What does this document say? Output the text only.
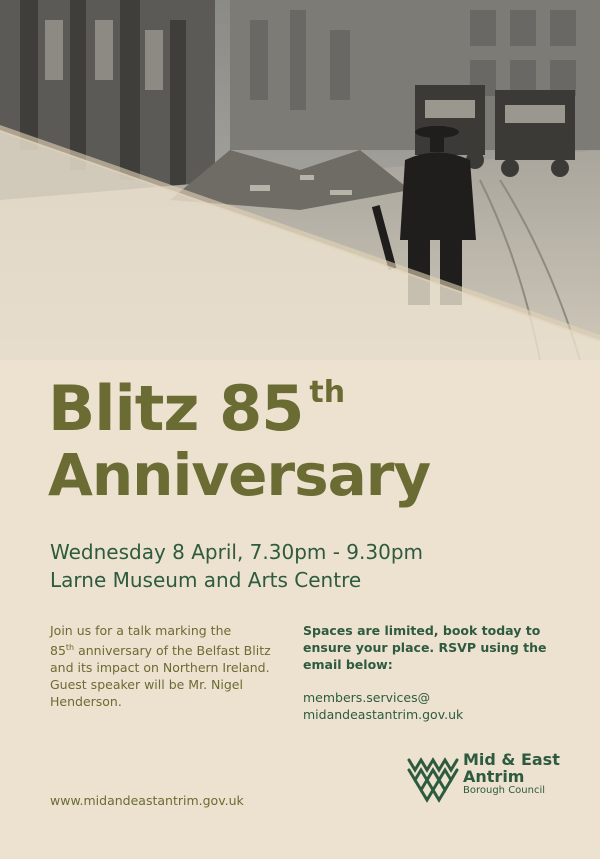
Blitz 85 $^{th}$
Anniversary
Wednesday 8 April, 7.30pm - 9.30pm
Larne Museum and Arts Centre
Join us for a talk marking the
85th anniversary of the Belfast Blitz and its impact on Northern Ireland. Guest speaker will be Mr. Nigel Henderson.
Spaces are limited, book today to ensure your place. RSVP using the email below:
members.services@
midandeastantrim.gov.uk
www.midandeastantrim.gov.uk
Mid & East
Antrim
Borough Council
